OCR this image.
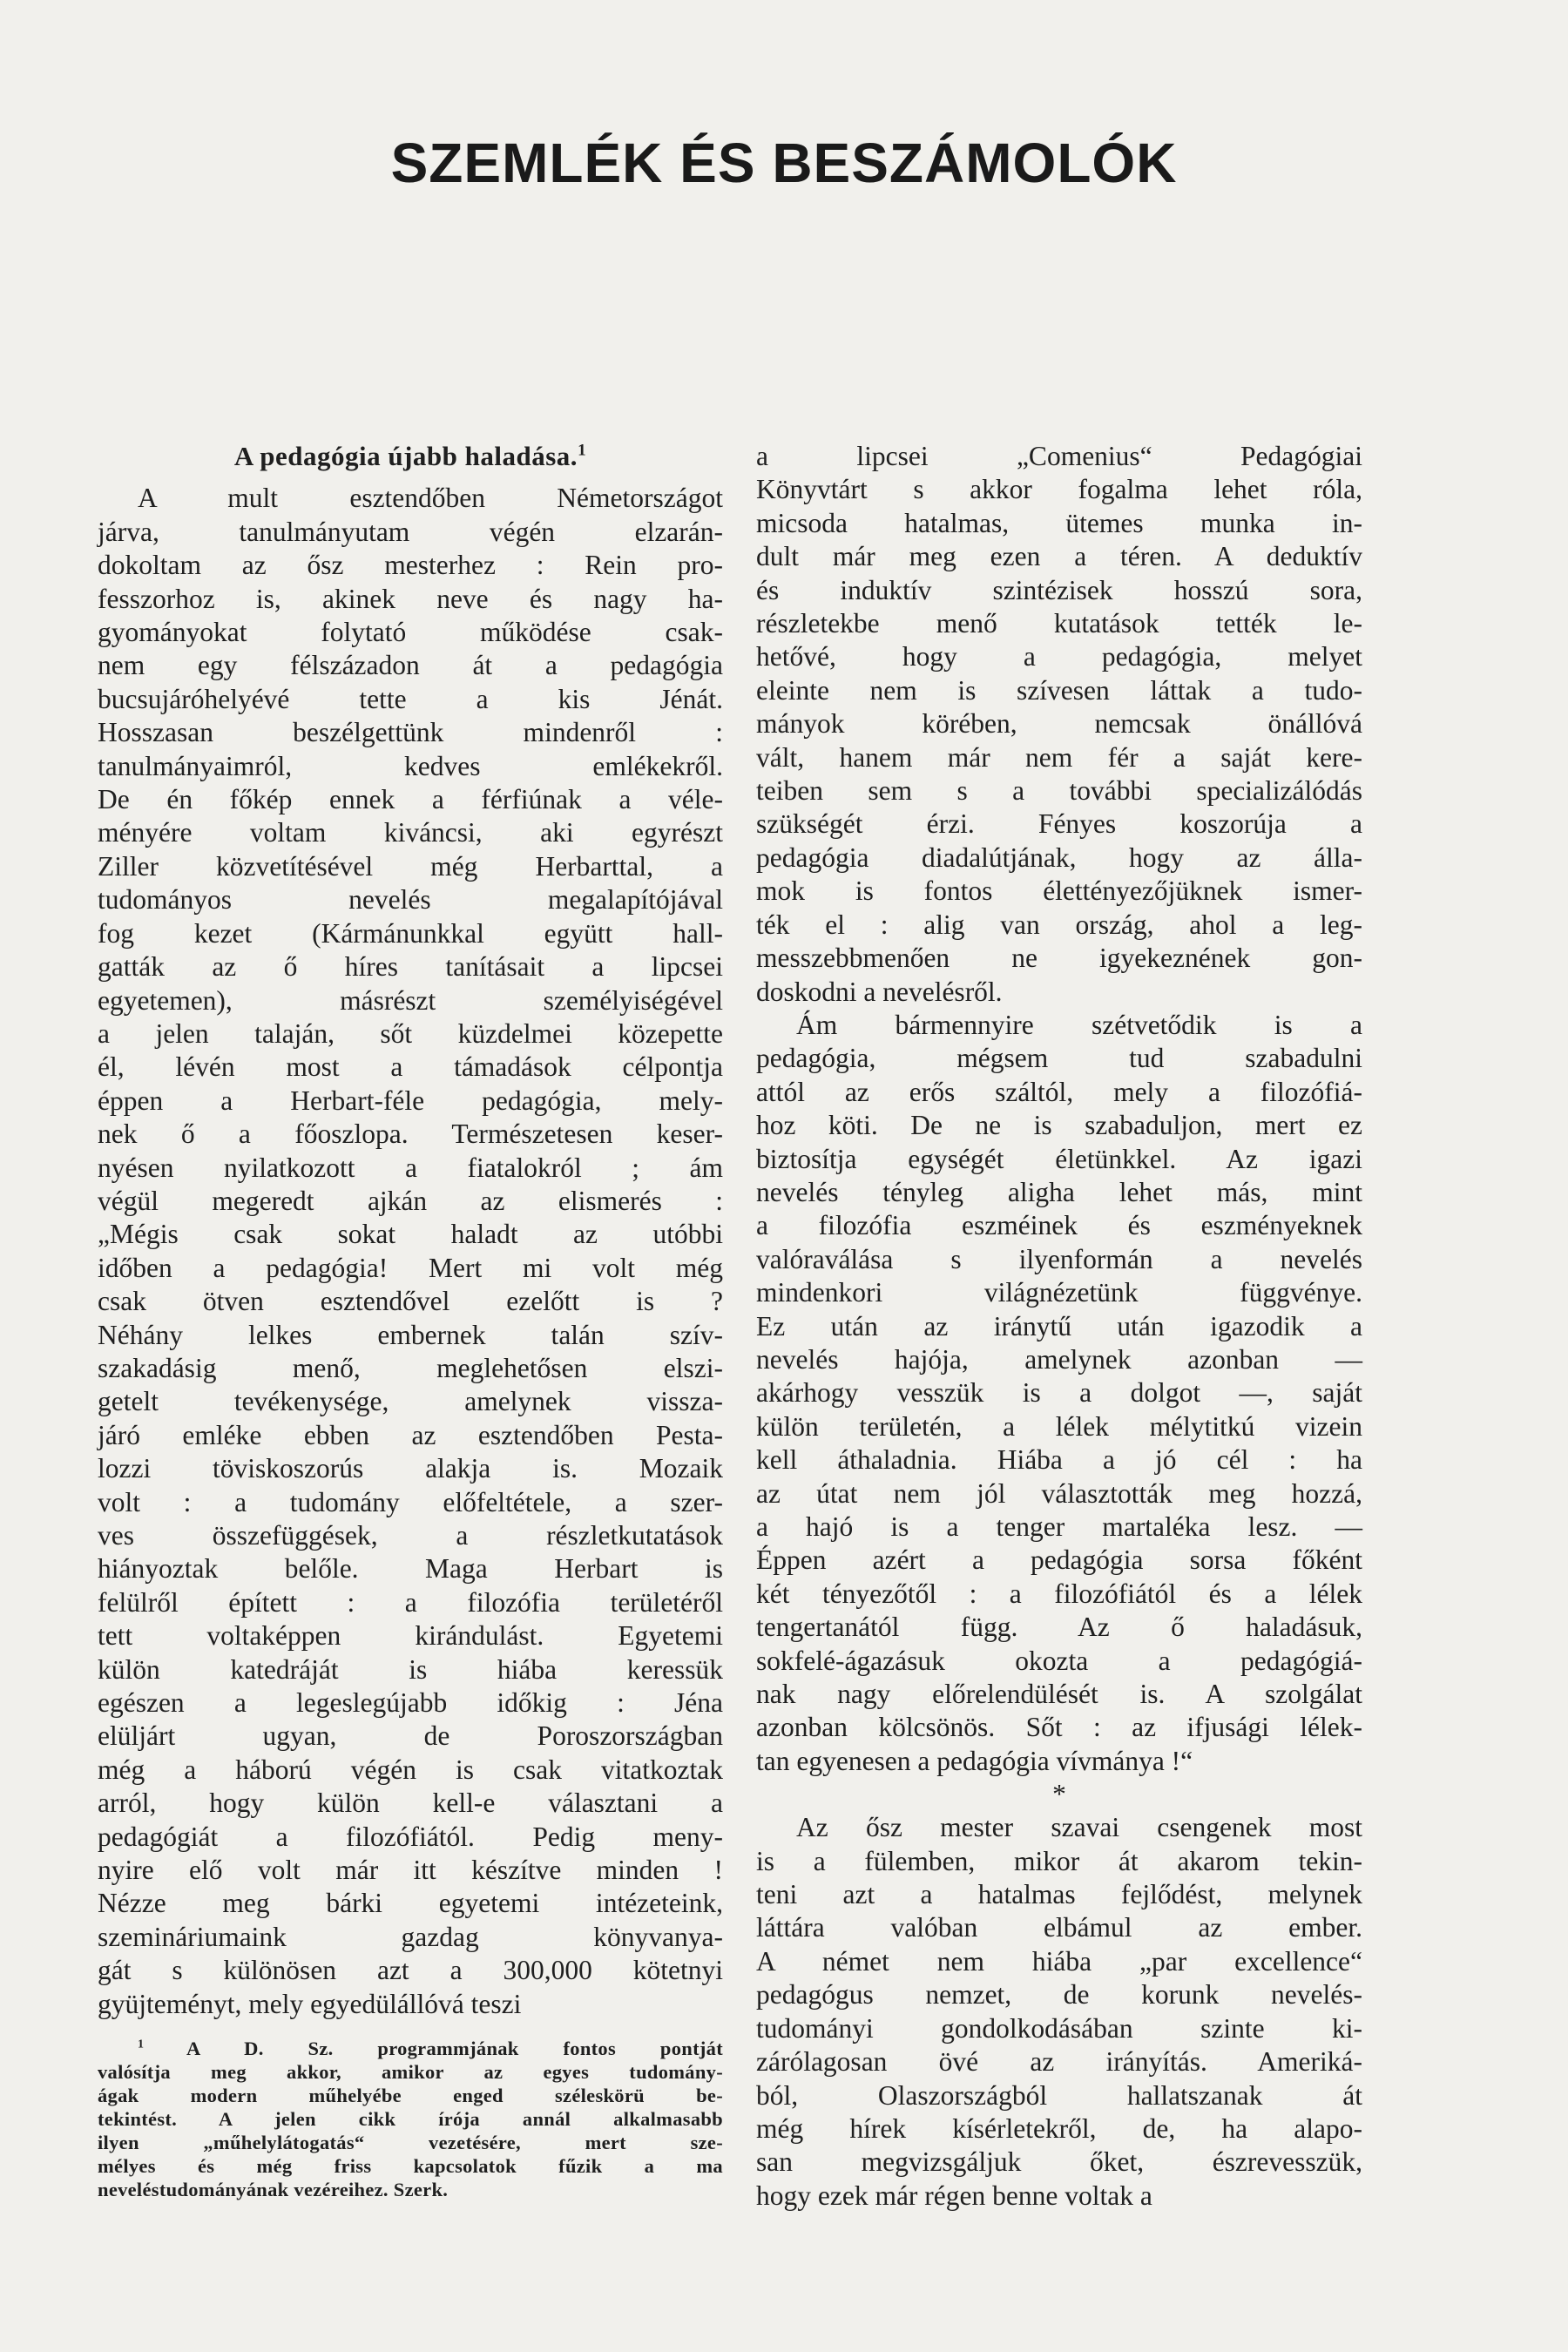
SZEMLÉK ÉS BESZÁMOLÓK
A pedagógia újabb haladása.$^1$
A mult esztendőben Németországot
járva, tanulmányutam végén elzarán-
dokoltam az ősz mesterhez : Rein pro-
fesszorhoz is, akinek neve és nagy ha-
gyományokat folytató működése csak-
nem egy félszázadon át a pedagógia
bucsujáróhelyévé tette a kis Jénát.
Hosszasan beszélgettünk mindenről :
tanulmányaimról, kedves emlékekről.
De én főkép ennek a férfiúnak a véle-
ményére voltam kiváncsi, aki egyrészt
Ziller közvetítésével még Herbarttal, a
tudományos nevelés megalapítójával
fog kezet (Kármánunkkal együtt hall-
gatták az ő híres tanításait a lipcsei
egyetemen), másrészt személyiségével
a jelen talaján, sőt küzdelmei közepette
él, lévén most a támadások célpontja
éppen a Herbart-féle pedagógia, mely-
nek ő a főoszlopa. Természetesen keser-
nyésen nyilatkozott a fiatalokról ; ám
végül megeredt ajkán az elismerés :
„Mégis csak sokat haladt az utóbbi
időben a pedagógia! Mert mi volt még
csak ötven esztendővel ezelőtt is ?
Néhány lelkes embernek talán szív-
szakadásig menő, meglehetősen elszi-
getelt tevékenysége, amelynek vissza-
járó emléke ebben az esztendőben Pesta-
lozzi töviskoszorús alakja is. Mozaik
volt : a tudomány előfeltétele, a szer-
ves összefüggések, a részletkutatások
hiányoztak belőle. Maga Herbart is
felülről épített : a filozófia területéről
tett voltaképpen kirándulást. Egyetemi
külön katedráját is hiába keressük
egészen a legeslegújabb időkig : Jéna
elüljárt ugyan, de Poroszországban
még a háború végén is csak vitatkoztak
arról, hogy külön kell-e választani a
pedagógiát a filozófiától. Pedig meny-
nyire elő volt már itt készítve minden !
Nézze meg bárki egyetemi intézeteink,
szemináriumaink gazdag könyvanya-
gát s különösen azt a 300,000 kötetnyi
gyüjteményt, mely egyedülállóvá teszi
$^1$ A D. Sz. programmjának fontos pontját
valósítja meg akkor, amikor az egyes tudomány-
ágak modern műhelyébe enged széleskörü be-
tekintést. A jelen cikk írója annál alkalmasabb
ilyen „műhelylátogatás“ vezetésére, mert sze-
mélyes és még friss kapcsolatok fűzik a ma
neveléstudományának vezéreihez. Szerk.
a lipcsei „Comenius“ Pedagógiai
Könyvtárt s akkor fogalma lehet róla,
micsoda hatalmas, ütemes munka in-
dult már meg ezen a téren. A deduktív
és induktív szintézisek hosszú sora,
részletekbe menő kutatások tették le-
hetővé, hogy a pedagógia, melyet
eleinte nem is szívesen láttak a tudo-
mányok körében, nemcsak önállóvá
vált, hanem már nem fér a saját kere-
teiben sem s a további specializálódás
szükségét érzi. Fényes koszorúja a
pedagógia diadalútjának, hogy az álla-
mok is fontos élettényezőjüknek ismer-
ték el : alig van ország, ahol a leg-
messzebbmenően ne igyekeznének gon-
doskodni a nevelésről.
Ám bármennyire szétvetődik is a
pedagógia, mégsem tud szabadulni
attól az erős száltól, mely a filozófiá-
hoz köti. De ne is szabaduljon, mert ez
biztosítja egységét életünkkel. Az igazi
nevelés tényleg aligha lehet más, mint
a filozófia eszméinek és eszményeknek
valóraválása s ilyenformán a nevelés
mindenkori világnézetünk függvénye.
Ez után az iránytű után igazodik a
nevelés hajója, amelynek azonban —
akárhogy vesszük is a dolgot —, saját
külön területén, a lélek mélytitkú vizein
kell áthaladnia. Hiába a jó cél : ha
az útat nem jól választották meg hozzá,
a hajó is a tenger martaléka lesz. —
Éppen azért a pedagógia sorsa főként
két tényezőtől : a filozófiától és a lélek
tengertanától függ. Az ő haladásuk,
sokfelé-ágazásuk okozta a pedagógiá-
nak nagy előrelendülését is. A szolgálat
azonban kölcsönös. Sőt : az ifjusági lélek-
tan egyenesen a pedagógia vívmánya !“
*
Az ősz mester szavai csengenek most
is a fülemben, mikor át akarom tekin-
teni azt a hatalmas fejlődést, melynek
láttára valóban elbámul az ember.
A német nem hiába „par excellence“
pedagógus nemzet, de korunk nevelés-
tudományi gondolkodásában szinte ki-
zárólagosan övé az irányítás. Ameriká-
ból, Olaszországból hallatszanak át
még hírek kísérletekről, de, ha alapo-
san megvizsgáljuk őket, észrevesszük,
hogy ezek már régen benne voltak a
